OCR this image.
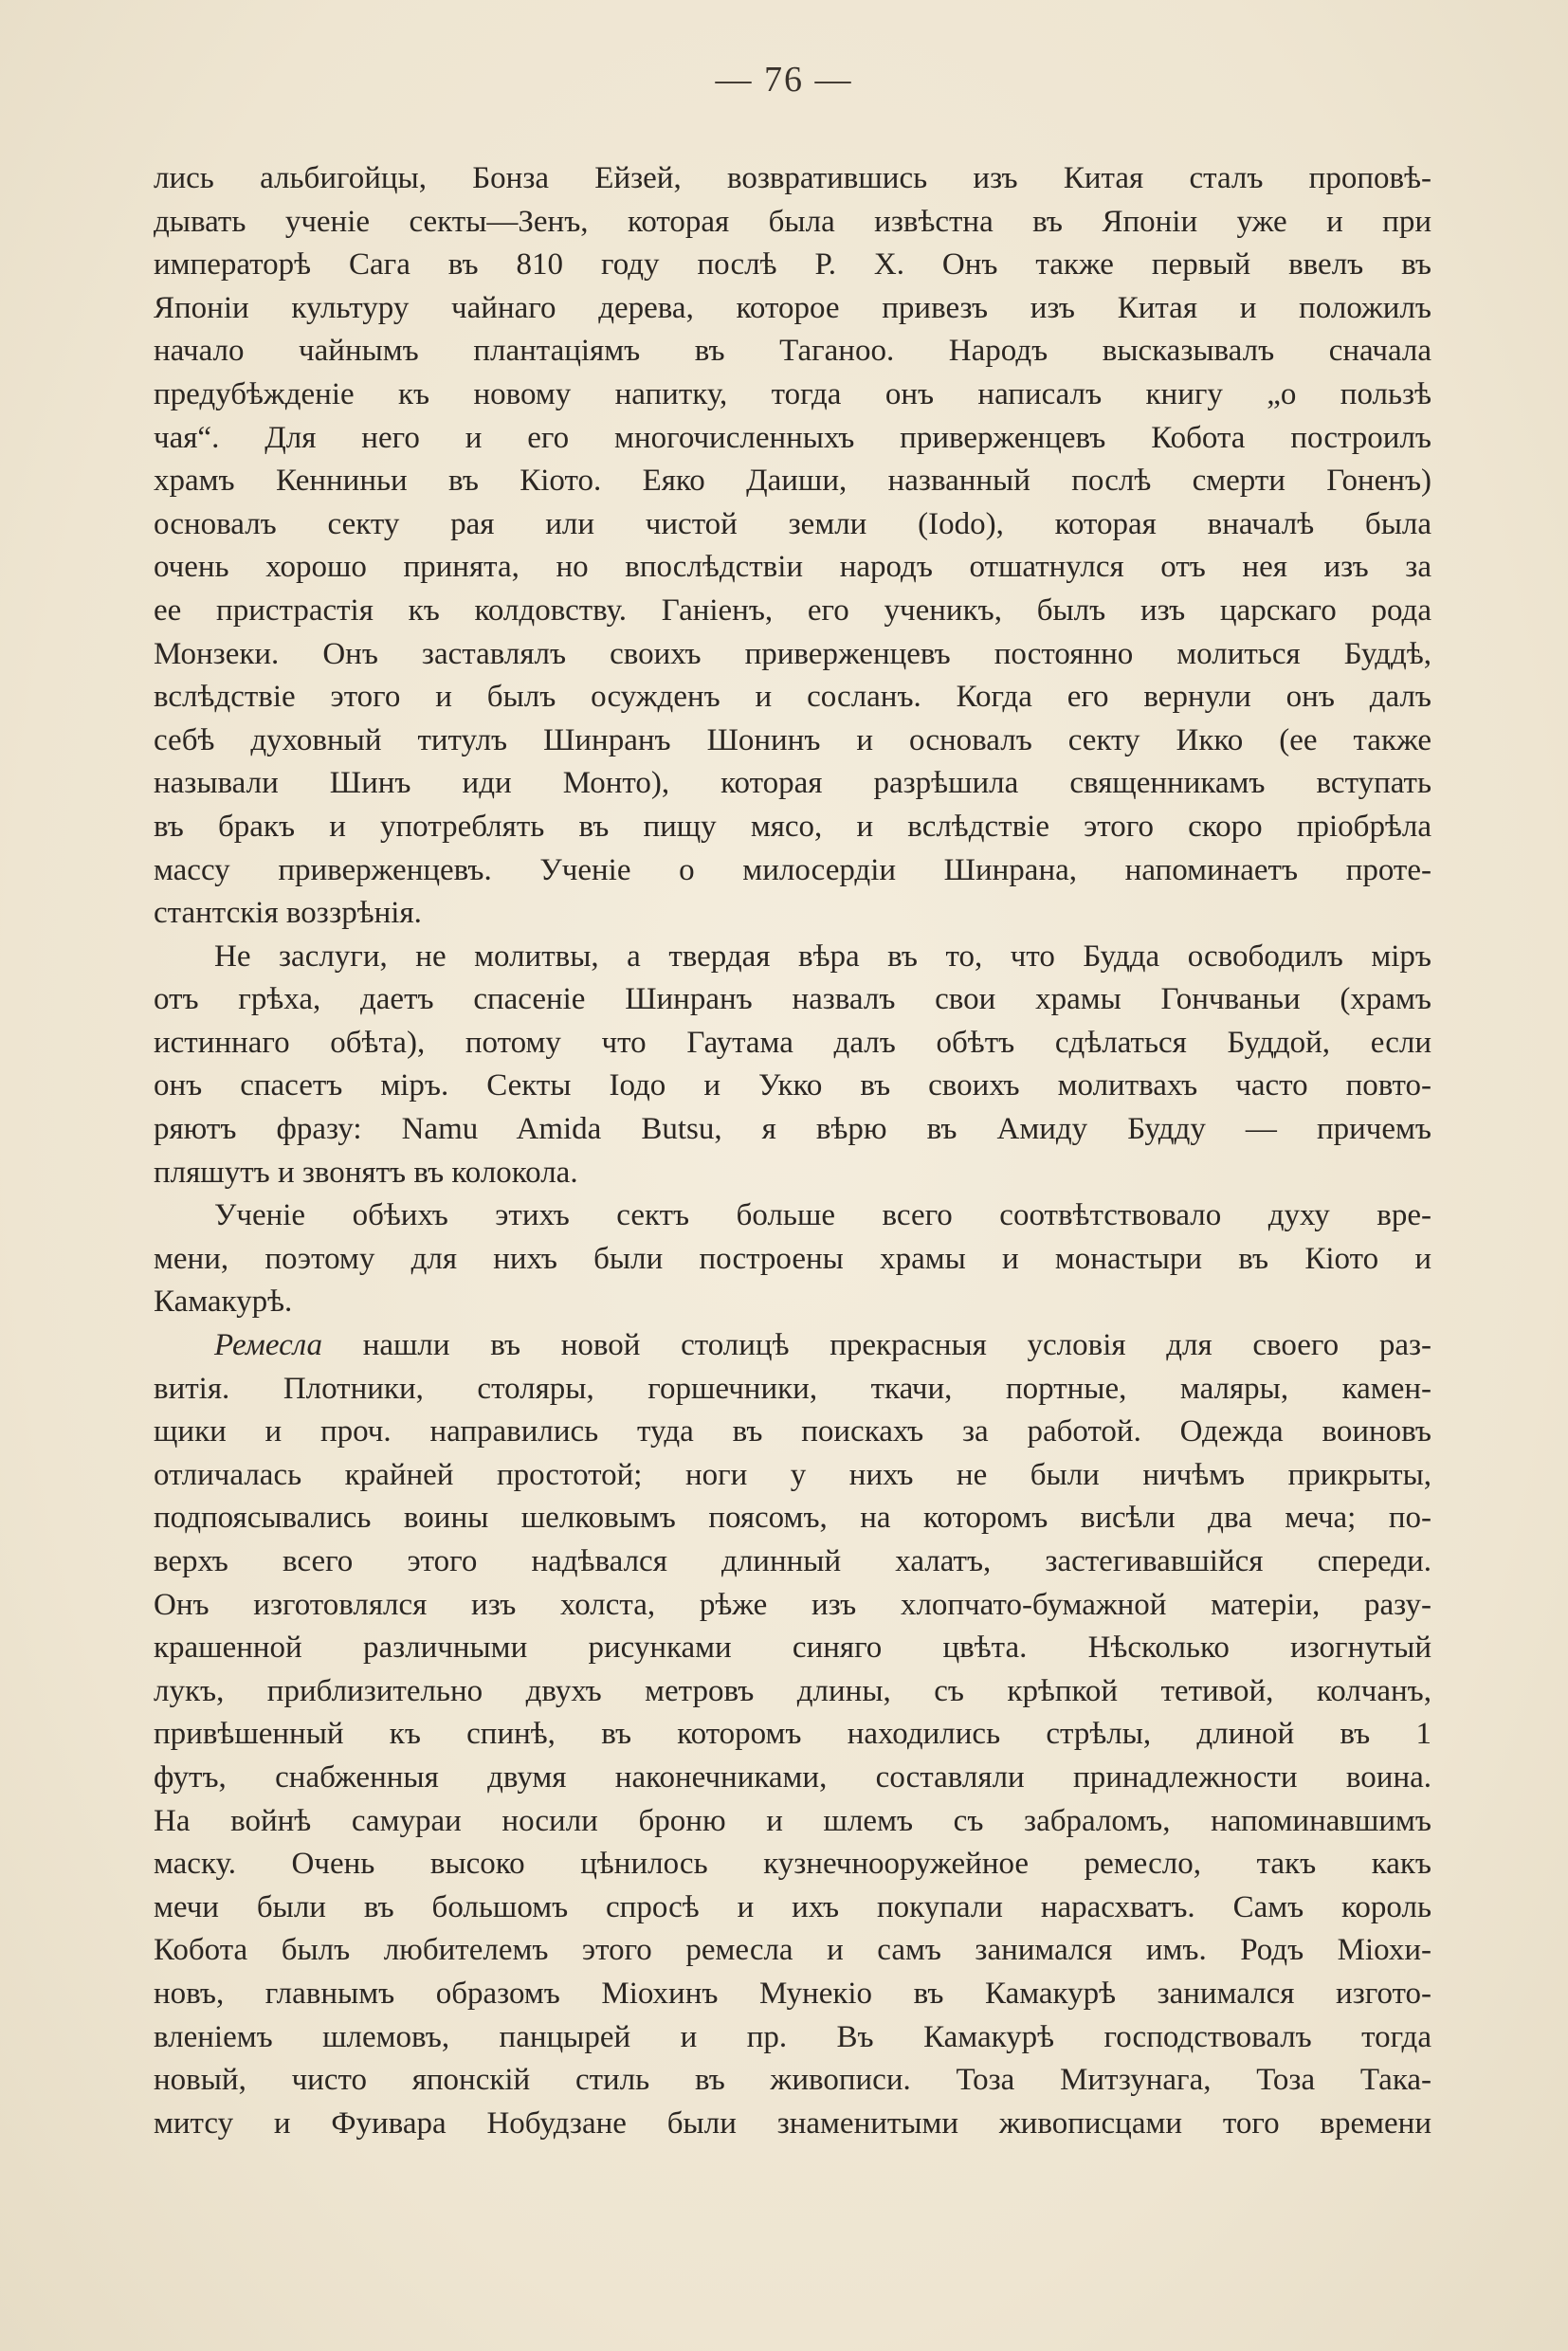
— 76 —
лись альбигойцы, Бонза Ейзей, возвратившись изъ Китая сталъ проповѣ-
дывать ученіе секты—Зенъ, которая была извѣстна въ Японіи уже и при
императорѣ Сага въ 810 году послѣ Р. Х. Онъ также первый ввелъ въ
Японіи культуру чайнаго дерева, которое привезъ изъ Китая и положилъ
начало чайнымъ плантаціямъ въ Таганоо. Народъ высказывалъ сначала
предубѣжденіе къ новому напитку, тогда онъ написалъ книгу „о пользѣ
чая“. Для него и его многочисленныхъ приверженцевъ Кобота построилъ
храмъ Кенниньи въ Кіото. Еяко Даиши, названный послѣ смерти Гоненъ)
основалъ секту рая или чистой земли (Iodo), которая вначалѣ была
очень хорошо принята, но впослѣдствіи народъ отшатнулся отъ нея изъ за
ее пристрастія къ колдовству. Ганіенъ, его ученикъ, былъ изъ царскаго рода
Монзеки. Онъ заставлялъ своихъ приверженцевъ постоянно молиться Буддѣ,
вслѣдствіе этого и былъ осужденъ и сосланъ. Когда его вернули онъ далъ
себѣ духовный титулъ Шинранъ Шонинъ и основалъ секту Икко (ее также
называли Шинъ иди Монто), которая разрѣшила священникамъ вступать
въ бракъ и употреблять въ пищу мясо, и вслѣдствіе этого скоро пріобрѣла
массу приверженцевъ. Ученіе о милосердіи Шинрана, напоминаетъ проте-
стантскія воззрѣнія.
Не заслуги, не молитвы, а твердая вѣра въ то, что Будда освободилъ міръ
отъ грѣха, даетъ спасеніе Шинранъ назвалъ свои храмы Гончваньи (храмъ
истиннаго обѣта), потому что Гаутама далъ обѣтъ сдѣлаться Буддой, если
онъ спасетъ міръ. Секты Iодо и Укко въ своихъ молитвахъ часто повто-
ряютъ фразу: Namu Amida Butsu, я вѣрю въ Амиду Будду — причемъ
пляшутъ и звонятъ въ колокола.
Ученіе обѣихъ этихъ сектъ больше всего соотвѣтствовало духу вре-
мени, поэтому для нихъ были построены храмы и монастыри въ Кіото и
Камакурѣ.
Ремесла нашли въ новой столицѣ прекрасныя условія для своего раз-
витія. Плотники, столяры, горшечники, ткачи, портные, маляры, камен-
щики и проч. направились туда въ поискахъ за работой. Одежда воиновъ
отличалась крайней простотой; ноги у нихъ не были ничѣмъ прикрыты,
подпоясывались воины шелковымъ поясомъ, на которомъ висѣли два меча; по-
верхъ всего этого надѣвался длинный халатъ, застегивавшійся спереди.
Онъ изготовлялся изъ холста, рѣже изъ хлопчато-бумажной матеріи, разу-
крашенной различными рисунками синяго цвѣта. Нѣсколько изогнутый
лукъ, приблизительно двухъ метровъ длины, съ крѣпкой тетивой, колчанъ,
привѣшенный къ спинѣ, въ которомъ находились стрѣлы, длиной въ 1
футъ, снабженныя двумя наконечниками, составляли принадлежности воина.
На войнѣ самураи носили броню и шлемъ съ забраломъ, напоминавшимъ
маску. Очень высоко цѣнилось кузнечнооружейное ремесло, такъ какъ
мечи были въ большомъ спросѣ и ихъ покупали нарасхватъ. Самъ король
Кобота былъ любителемъ этого ремесла и самъ занимался имъ. Родъ Міохи-
новъ, главнымъ образомъ Міохинъ Мунекіо въ Камакурѣ занимался изгото-
вленіемъ шлемовъ, панцырей и пр. Въ Камакурѣ господствовалъ тогда
новый, чисто японскій стиль въ живописи. Тоза Митзунага, Тоза Така-
митсу и Фуивара Нобудзане были знаменитыми живописцами того времени
